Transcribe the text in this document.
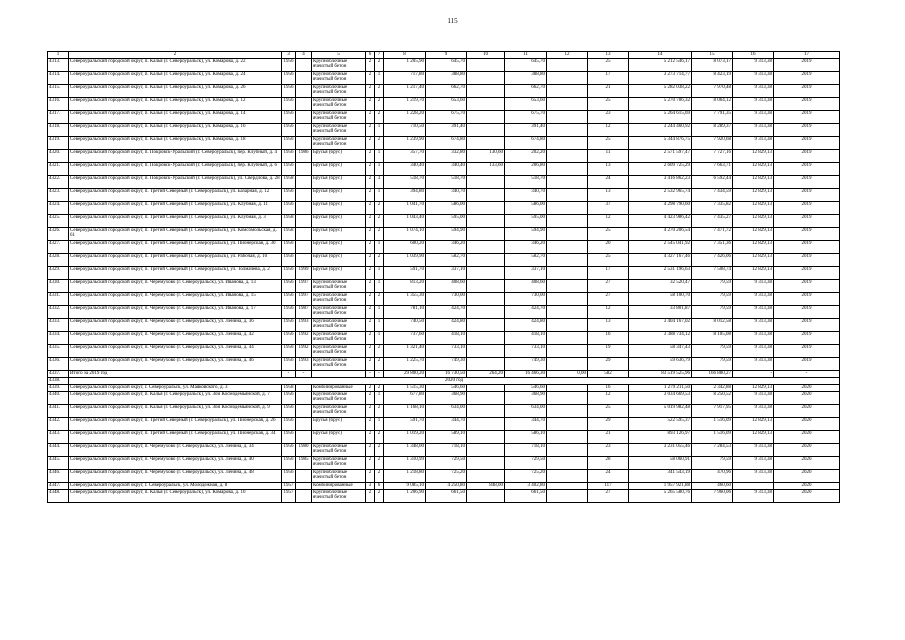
115
1	2	3	4	5	6	7	8	9	10	11	12	13	14	15	16	17
4313.	Североуральский городской округ, п. Калья (г. Североуральск), ул. Комарова, д. 22	1956		Крупноблочные ячеистый бетон	2	2	1 205,90	645,70		645,70		25	5 212 546,17	8 073,17	9 313,38	2019
4314.	Североуральский городской округ, п. Калья (г. Североуральск), ул. Комарова, д. 24	1956		Крупноблочные ячеистый бетон	2	1	717,80	388,80		388,80		17	3 273 714,77	8 423,19	9 313,38	2019
4315.	Североуральский городской округ, п. Калья (г. Североуральск), ул. Комарова, д. 26	1956		Крупноблочные ячеистый бетон	2	2	1 217,40	662,70		662,70		21	5 282 038,22	7 970,48	9 313,38	2019
4316.	Североуральский городской округ, п. Калья (г. Североуральск), ул. Комарова, д. 12	1956		Крупноблочные ячеистый бетон	2	2	1 219,70	653,60		653,60		25	5 270 706,32	8 064,12	9 313,38	2019
4317.	Североуральский городской округ, п. Калья (г. Североуральск), ул. Комарова, д. 14	1956		Крупноблочные ячеистый бетон	2	2	1 228,20	675,70		675,70		23	5 264 615,69	7 791,35	9 313,38	2019
4318.	Североуральский городской округ, п. Калья (г. Североуральск), ул. Комарова, д. 16	1956		Крупноблочные ячеистый бетон	2	1	710,50	391,40		391,40		12	3 244 460,92	8 289,37	9 313,38	2019
4319.	Североуральский городской округ, п. Калья (г. Североуральск), ул. Комарова, д. 18	1956		Крупноблочные ячеистый бетон	2	2	1 239,90	674,80		674,80		25	5 344 876,75	7 920,68	9 313,38	2019
4320.	Североуральский городской округ, п. Покровск-Уральский (г. Североуральск), пер. Клубный, д. 4	1956	1986	Брусья (брус)	2	1	357,70	332,80	130,60	202,20		11	2 571 597,47	7 727,16	12 829,13	2019
4321.	Североуральский городской округ, п. Покровск-Уральский (г. Североуральск), пер. Клубный, д. 6	1956		Брусья (брус)	2	1	340,40	340,40	133,60	206,80		13	2 609 725,29	7 663,71	12 829,13	2019
4322.	Североуральский городской округ, п. Покровск-Уральский (г. Североуральск), ул. Свердлова, д. 28	1958		Брусья (брус)	2	3	518,70	518,70		518,70		24	3 416 862,23	6 592,44	12 829,13	2019
4323.	Североуральский городской округ, п. Третий Северный (г. Североуральск), ул. Базарная, д. 12	1956		Брусья (брус)	2	1	394,80	340,70		340,70		13	2 532 965,74	7 434,59	12 829,13	2019
4324.	Североуральский городской округ, п. Третий Северный (г. Североуральск), ул. Клубная, д. 11	1956		Брусья (брус)	2	2	1 041,70	586,00		586,00		37	4 298 790,60	7 335,82	12 829,13	2019
4325.	Североуральский городской округ, п. Третий Северный (г. Североуральск), ул. Клубная, д. 3	1958		Брусья (брус)	2	2	1 043,40	595,00		595,00		12	4 423 986,42	7 435,27	12 829,13	2019
4326.	Североуральский городской округ, п. Третий Северный (г. Североуральск), ул. Комсомольская, д. 61	1958		Брусья (брус)	2	2	1 074,10	594,90		594,90		25	4 270 206,54	7 471,72	12 829,13	2019
4327.	Североуральский городской округ, п. Третий Северный (г. Североуральск), ул. Пионерская, д. 30	1956		Брусья (брус)	2	1	600,20	346,20		346,20		20	2 545 041,92	7 351,36	12 829,13	2019
4328.	Североуральский городской округ, п. Третий Северный (г. Североуральск), ул. Рабочая, д. 10	1956		Брусья (брус)	2	2	1 039,90	582,70		582,70		25	4 327 167,46	7 426,06	12 829,13	2019
4329.	Североуральский городской округ, п. Третий Северный (г. Североуральск), ул. Толмачева, д. 2	1956	1999	Брусья (брус)	2	1	591,70	337,10		337,10		17	2 531 196,63	7 508,74	12 829,13	2019
4330.	Североуральский городской округ, п. Черемухово (г. Североуральск), ул. Иванова, д. 13	1956	1997	Крупноблочные ячеистый бетон	2	1	813,20	408,60		408,60		27	32 520,47	79,59	9 313,38	2019
4331.	Североуральский городской округ, п. Черемухово (г. Североуральск), ул. Иванова, д. 15	1956	1997	Крупноблочные ячеистый бетон	2	2	1 355,30	730,00		730,00		27	58 100,70	79,59	9 313,38	2019
4332.	Североуральский городской округ, п. Черемухово (г. Североуральск), ул. Иванова, д. 17	1956	1987	Крупноблочные ячеистый бетон	2	1	781,10	424,70		424,70		12	33 801,87	79,59	9 313,38	2019
4333.	Североуральский городской округ, п. Черемухово (г. Североуральск), ул. Ленина, д. 36	1956	1993	Крупноблочные ячеистый бетон	2	1	740,50	424,80		424,80		13	3 404 167,02	8 012,58	9 313,38	2019
4334.	Североуральский городской округ, п. Черемухово (г. Североуральск), ул. Ленина, д. 42	1956	1992	Крупноблочные ячеистый бетон	2	1	737,60	418,10		418,10		16	3 388 734,12	8 105,08	9 313,38	2019
4335.	Североуральский городской округ, п. Черемухово (г. Североуральск), ул. Ленина, д. 44	1956	1992	Крупноблочные ячеистый бетон	2	2	1 321,40	733,10		733,10		19	58 347,43	79,59	9 313,38	2019
4336.	Североуральский городской округ, п. Черемухово (г. Североуральск), ул. Ленина, д. 46	1956	1993	Крупноблочные ячеистый бетон	2	2	1 225,70	749,30		749,30		29	59 636,79	79,59	9 313,38	2019
4337.	Итого за 2019 год	-	-		-	-	29 800,20	16 730,50	264,20	16 466,30	0,00	582	83 519 525,96	166 880,27	-	-
4338.	2020 год															
4339.	Североуральский городской округ, г. Североуральск, ул. Маяковского, д. 3	1958		Комбинированные	2	2	1 515,30	546,60		546,60		16	1 279 211,50	2 342,88	12 829,13	2020
4340.	Североуральский городской округ, п. Калья (г. Североуральск), ул. Зои Космодемьянской, д. 7	1956		Крупноблочные ячеистый бетон	2	1	677,80	368,90		368,90		12	3 034 669,53	8 250,52	9 313,38	2020
4341.	Североуральский городской округ, п. Калья (г. Североуральск), ул. Зои Космодемьянской, д. 9	1956		Крупноблочные ячеистый бетон	2	2	1 168,10	634,00		634,00		25	5 019 982,48	7 917,95	9 313,38	2020
4342.	Североуральский городской округ, п. Третий Северный (г. Североуральск), ул. Пионерская, д. 26	1956		Брусья (брус)	2	1	591,70	344,70		344,70		29	522 595,37	1 516,09	12 829,13	2020
4343.	Североуральский городской округ, п. Третий Северный (г. Североуральск), ул. Пионерская, д. 34	1956		Брусья (брус)	2	2	1 019,20	589,10		586,10		21	893 126,97	1 516,09	12 829,13	2020
4344.	Североуральский городской округ, п. Черемухово (г. Североуральск), ул. Ленина, д. 34	1956	1980	Крупноблочные ячеистый бетон	2	2	1 348,00	718,10		718,10		23	3 231 055,46	7 284,53	9 313,38	2020
4345.	Североуральский городской округ, п. Черемухово (г. Североуральск), ул. Ленина, д. 40	1956	1985	Крупноблочные ячеистый бетон	2	2	1 310,99	729,50		729,50		28	58 060,91	79,59	9 313,38	2020
4346.	Североуральский городской округ, п. Черемухово (г. Североуральск), ул. Ленина, д. 48	1956		Крупноблочные ячеистый бетон	2	2	1 218,80	725,20		725,20		24	341 543,19	470,96	9 313,38	2020
4347.	Североуральский городской округ, г. Североуральск, ул. Молодежная, д. 8	1957		Комбинированные	3	6	9 085,10	4 250,80	848,00	3 402,80		117	1 957 921,88	460,60		2020
4348.	Североуральский городской округ, п. Калья (г. Североуральск), ул. Комарова, д. 10	1957		Крупноблочные ячеистый бетон	2	2	1 206,90	661,50		661,50		27	5 265 580,76	7 960,06	9 313,38	2020
